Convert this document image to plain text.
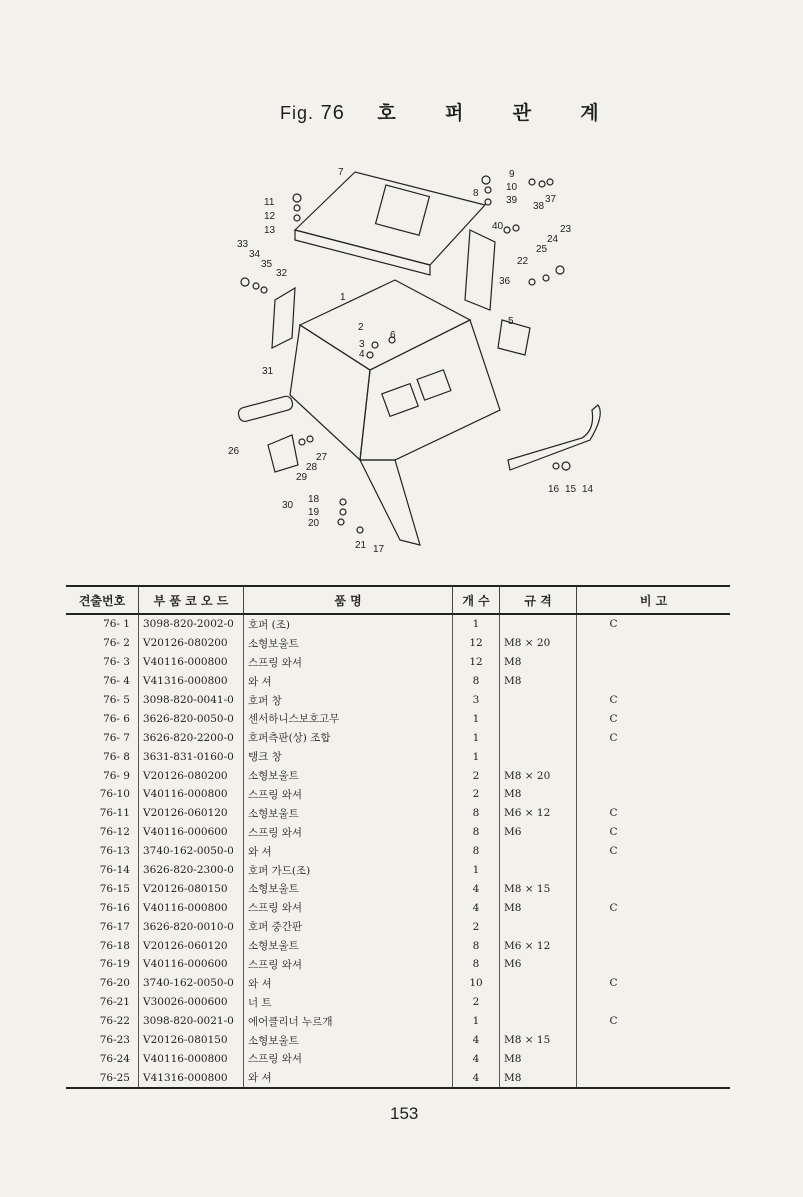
Fig. 76 호 퍼 관 계
1
2
3
4
5
6
7
8
9
10
11
12
13
14
15
16
17
18
19
20
21
22
23
24
25
26
27
28
29
30
31
32
33
34
35
36
37
38
39
40
견출번호	부 품 코 오 드	품 명	개 수	규 격	비 고
76- 1	3098-820-2002-0	호퍼 (조)	1		C
76- 2	V20126-080200	소형보울트	12	M8 × 20	
76- 3	V40116-000800	스프링 와셔	12	M8	
76- 4	V41316-000800	와 셔	8	M8	
76- 5	3098-820-0041-0	호퍼 창	3		C
76- 6	3626-820-0050-0	센서하니스보호고무	1		C
76- 7	3626-820-2200-0	호퍼측판(상) 조합	1		C
76- 8	3631-831-0160-0	탱크 창	1		
76- 9	V20126-080200	소형보울트	2	M8 × 20	
76-10	V40116-000800	스프링 와셔	2	M8	
76-11	V20126-060120	소형보울트	8	M6 × 12	C
76-12	V40116-000600	스프링 와셔	8	M6	C
76-13	3740-162-0050-0	와 셔	8		C
76-14	3626-820-2300-0	호퍼 가드(조)	1		
76-15	V20126-080150	소형보울트	4	M8 × 15	
76-16	V40116-000800	스프링 와셔	4	M8	C
76-17	3626-820-0010-0	호퍼 중간판	2		
76-18	V20126-060120	소형보울트	8	M6 × 12	
76-19	V40116-000600	스프링 와셔	8	M6	
76-20	3740-162-0050-0	와 셔	10		C
76-21	V30026-000600	너 트	2		
76-22	3098-820-0021-0	에어클리너 누르개	1		C
76-23	V20126-080150	소형보울트	4	M8 × 15	
76-24	V40116-000800	스프링 와셔	4	M8	
76-25	V41316-000800	와 셔	4	M8	
153
